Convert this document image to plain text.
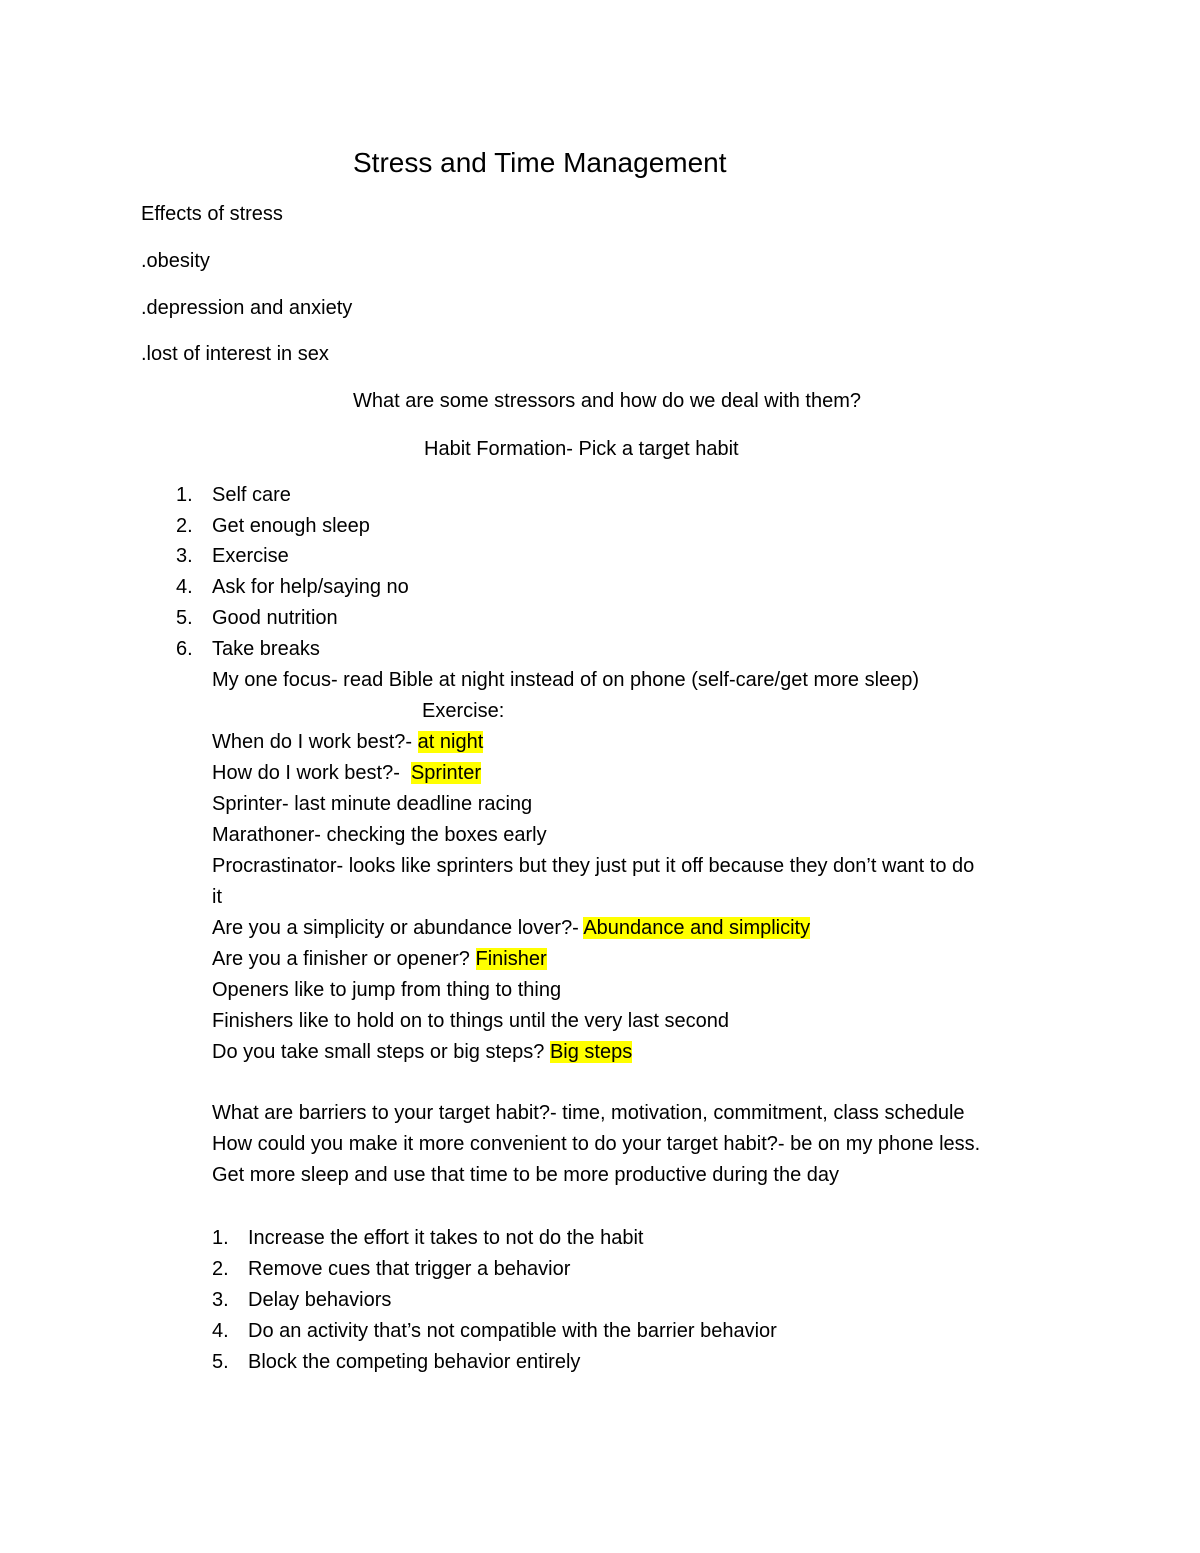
Stress and Time Management
Effects of stress
.obesity
.depression and anxiety
.lost of interest in sex
What are some stressors and how do we deal with them?
Habit Formation- Pick a target habit
1. Self care
2. Get enough sleep
3. Exercise
4. Ask for help/saying no
5. Good nutrition
6. Take breaks
My one focus- read Bible at night instead of on phone (self-care/get more sleep)
Exercise:
When do I work best?- at night
How do I work best?-  Sprinter
Sprinter- last minute deadline racing
Marathoner- checking the boxes early
Procrastinator- looks like sprinters but they just put it off because they don’t want to do
it
Are you a simplicity or abundance lover?- Abundance and simplicity
Are you a finisher or opener? Finisher
Openers like to jump from thing to thing
Finishers like to hold on to things until the very last second
Do you take small steps or big steps? Big steps
What are barriers to your target habit?- time, motivation, commitment, class schedule
How could you make it more convenient to do your target habit?- be on my phone less.
Get more sleep and use that time to be more productive during the day
1. Increase the effort it takes to not do the habit
2. Remove cues that trigger a behavior
3. Delay behaviors
4. Do an activity that’s not compatible with the barrier behavior
5. Block the competing behavior entirely
